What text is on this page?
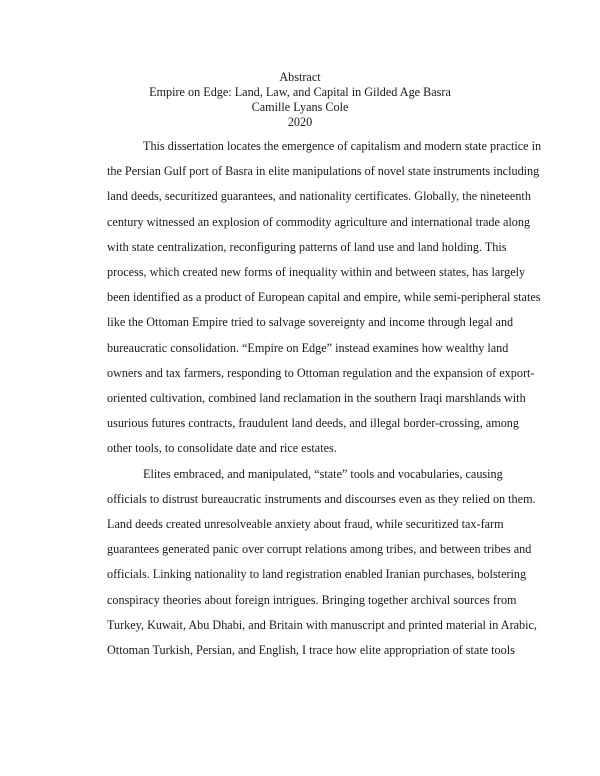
Abstract
Empire on Edge: Land, Law, and Capital in Gilded Age Basra
Camille Lyans Cole
2020
This dissertation locates the emergence of capitalism and modern state practice in
the Persian Gulf port of Basra in elite manipulations of novel state instruments including
land deeds, securitized guarantees, and nationality certificates. Globally, the nineteenth
century witnessed an explosion of commodity agriculture and international trade along
with state centralization, reconfiguring patterns of land use and land holding. This
process, which created new forms of inequality within and between states, has largely
been identified as a product of European capital and empire, while semi-peripheral states
like the Ottoman Empire tried to salvage sovereignty and income through legal and
bureaucratic consolidation. “Empire on Edge” instead examines how wealthy land
owners and tax farmers, responding to Ottoman regulation and the expansion of export-
oriented cultivation, combined land reclamation in the southern Iraqi marshlands with
usurious futures contracts, fraudulent land deeds, and illegal border-crossing, among
other tools, to consolidate date and rice estates.
Elites embraced, and manipulated, “state” tools and vocabularies, causing
officials to distrust bureaucratic instruments and discourses even as they relied on them.
Land deeds created unresolveable anxiety about fraud, while securitized tax-farm
guarantees generated panic over corrupt relations among tribes, and between tribes and
officials. Linking nationality to land registration enabled Iranian purchases, bolstering
conspiracy theories about foreign intrigues. Bringing together archival sources from
Turkey, Kuwait, Abu Dhabi, and Britain with manuscript and printed material in Arabic,
Ottoman Turkish, Persian, and English, I trace how elite appropriation of state tools
